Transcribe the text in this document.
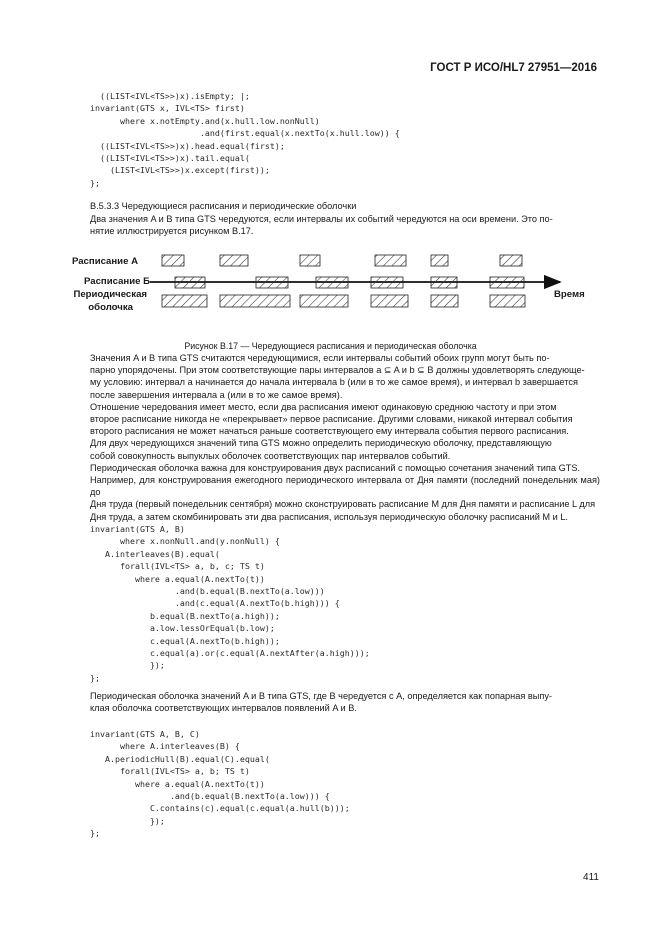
ГОСТ Р ИСО/HL7 27951—2016
((LIST<IVL<TS>>)x).isEmpty; |;
invariant(GTS x, IVL<TS> first)
where x.notEmpty.and(x.hull.low.nonNull)
.and(first.equal(x.nextTo(x.hull.low)) {
((LIST<IVL<TS>>)x).head.equal(first);
((LIST<IVL<TS>>)x).tail.equal(
(LIST<IVL<TS>>)x.except(first));
};
B.5.3.3 Чередующиеся расписания и периодические оболочки

Два значения A и B типа GTS чередуются, если интервалы их событий чередуются на оси времени. Это по-
нятие иллюстрируется рисунком B.17.

Расписание А
Расписание Б
Периодическая
оболочка
Время
Рисунок B.17 — Чередующиеся расписания и периодическая оболочка
Значения A и B типа GTS считаются чередующимися, если интервалы событий обоих групп могут быть по-
парно упорядочены. При этом соответствующие пары интервалов a ⊆ A и b ⊆ B должны удовлетворять следующе-
му условию: интервал a начинается до начала интервала b (или в то же самое время), и интервал b завершается
после завершения интервала a (или в то же самое время).
Отношение чередования имеет место, если два расписания имеют одинаковую среднюю частоту и при этом
второе расписание никогда не «перекрывает» первое расписание. Другими словами, никакой интервал события
второго расписания не может начаться раньше соответствующего ему интервала события первого расписания.
Для двух чередующихся значений типа GTS можно определить периодическую оболочку, представляющую
собой совокупность выпуклых оболочек соответствующих пар интервалов событий.
Периодическая оболочка важна для конструирования двух расписаний с помощью сочетания значений типа GTS.
Например, для конструирования ежегодного периодического интервала от Дня памяти (последний понедельник мая) до
Дня труда (первый понедельник сентября) можно сконструировать расписание M для Дня памяти и расписание L для
Дня труда, а затем скомбинировать эти два расписания, используя периодическую оболочку расписаний M и L.
invariant(GTS A, B)
where x.nonNull.and(y.nonNull) {
A.interleaves(B).equal(
forall(IVL<TS> a, b, c; TS t)
where a.equal(A.nextTo(t))
.and(b.equal(B.nextTo(a.low)))
.and(c.equal(A.nextTo(b.high))) {
b.equal(B.nextTo(a.high));
a.low.lessOrEqual(b.low);
c.equal(A.nextTo(b.high));
c.equal(a).or(c.equal(A.nextAfter(a.high)));
});
};
Периодическая оболочка значений A и B типа GTS, где B чередуется с A, определяется как попарная выпу-
клая оболочка соответствующих интервалов появлений A и B.
invariant(GTS A, B, C)
where A.interleaves(B) {
A.periodicHull(B).equal(C).equal(
forall(IVL<TS> a, b; TS t)
where a.equal(A.nextTo(t))
.and(b.equal(B.nextTo(a.low))) {
C.contains(c).equal(c.equal(a.hull(b)));
});
};
411
